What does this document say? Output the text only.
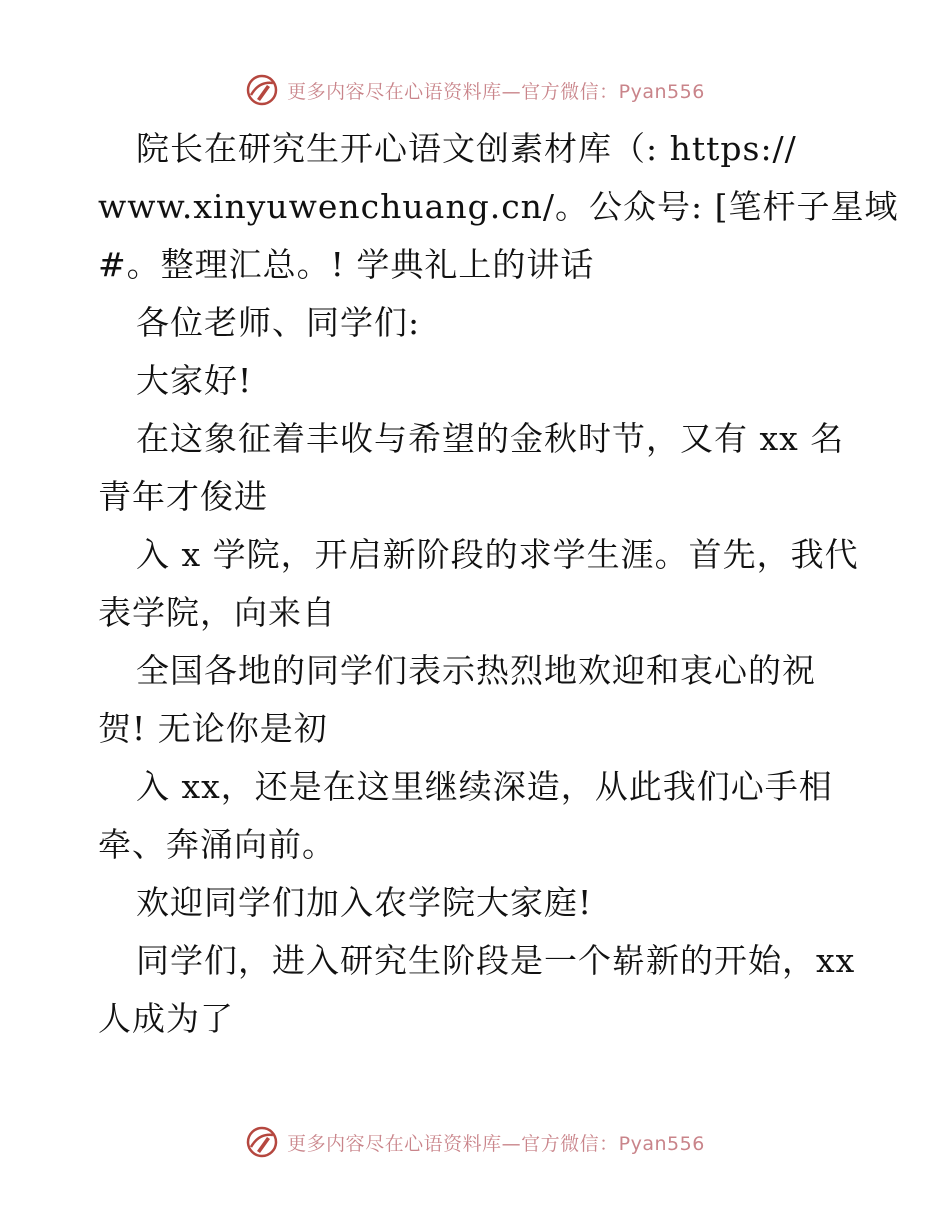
更多内容尽在心语资料库—官方微信：Pyan556
院长在研究生开心语文创素材库（: https://
www.xinyuwenchuang.cn/。公众号: [笔杆子星域
#。整理汇总。! 学典礼上的讲话
各位老师、同学们:
大家好!
在这象征着丰收与希望的金秋时节，又有 xx 名
青年才俊进
入 x 学院，开启新阶段的求学生涯。首先，我代
表学院，向来自
全国各地的同学们表示热烈地欢迎和衷心的祝
贺! 无论你是初
入 xx，还是在这里继续深造，从此我们心手相
牵、奔涌向前。
欢迎同学们加入农学院大家庭!
同学们，进入研究生阶段是一个崭新的开始，xx
人成为了
更多内容尽在心语资料库—官方微信：Pyan556
